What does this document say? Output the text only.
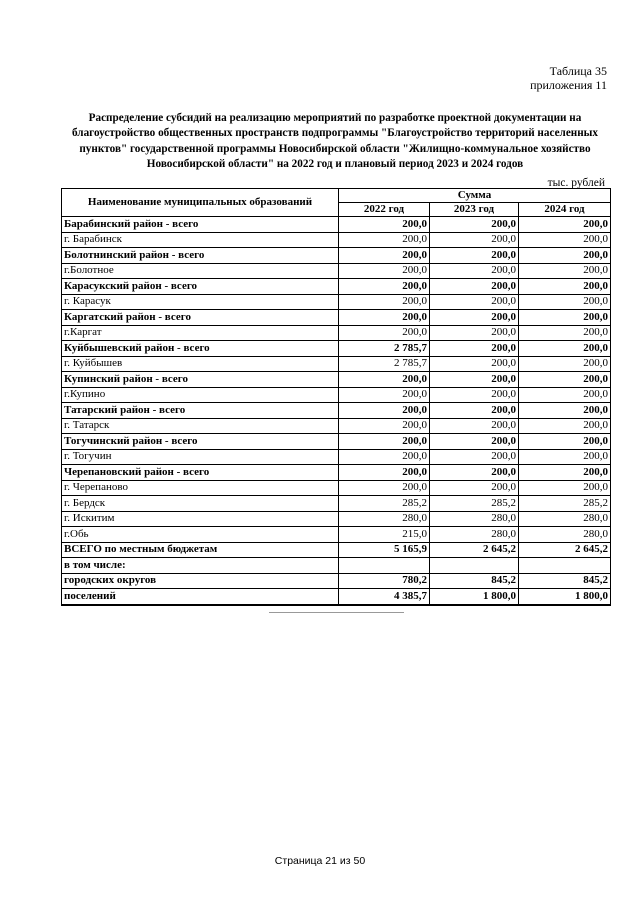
Таблица 35
приложения 11
Распределение субсидий на реализацию мероприятий по разработке проектной документации на благоустройство общественных пространств подпрограммы "Благоустройство территорий населенных пунктов" государственной программы Новосибирской области "Жилищно-коммунальное хозяйство Новосибирской области" на 2022 год и плановый период 2023 и 2024 годов
тыс. рублей
Наименование муниципальных образований	Сумма		
	2022 год	2023 год	2024 год
Барабинский район - всего	200,0	200,0	200,0
г. Барабинск	200,0	200,0	200,0
Болотнинский район - всего	200,0	200,0	200,0
г.Болотное	200,0	200,0	200,0
Карасукский район - всего	200,0	200,0	200,0
г. Карасук	200,0	200,0	200,0
Каргатский район - всего	200,0	200,0	200,0
г.Каргат	200,0	200,0	200,0
Куйбышевский район - всего	2 785,7	200,0	200,0
г. Куйбышев	2 785,7	200,0	200,0
Купинский район - всего	200,0	200,0	200,0
г.Купино	200,0	200,0	200,0
Татарский район - всего	200,0	200,0	200,0
г. Татарск	200,0	200,0	200,0
Тогучинский район - всего	200,0	200,0	200,0
г. Тогучин	200,0	200,0	200,0
Черепановский район - всего	200,0	200,0	200,0
г. Черепаново	200,0	200,0	200,0
г. Бердск	285,2	285,2	285,2
г. Искитим	280,0	280,0	280,0
г.Обь	215,0	280,0	280,0
ВСЕГО по местным бюджетам	5 165,9	2 645,2	2 645,2
в том числе:			
городских округов	780,2	845,2	845,2
поселений	4 385,7	1 800,0	1 800,0
Страница 21 из 50
